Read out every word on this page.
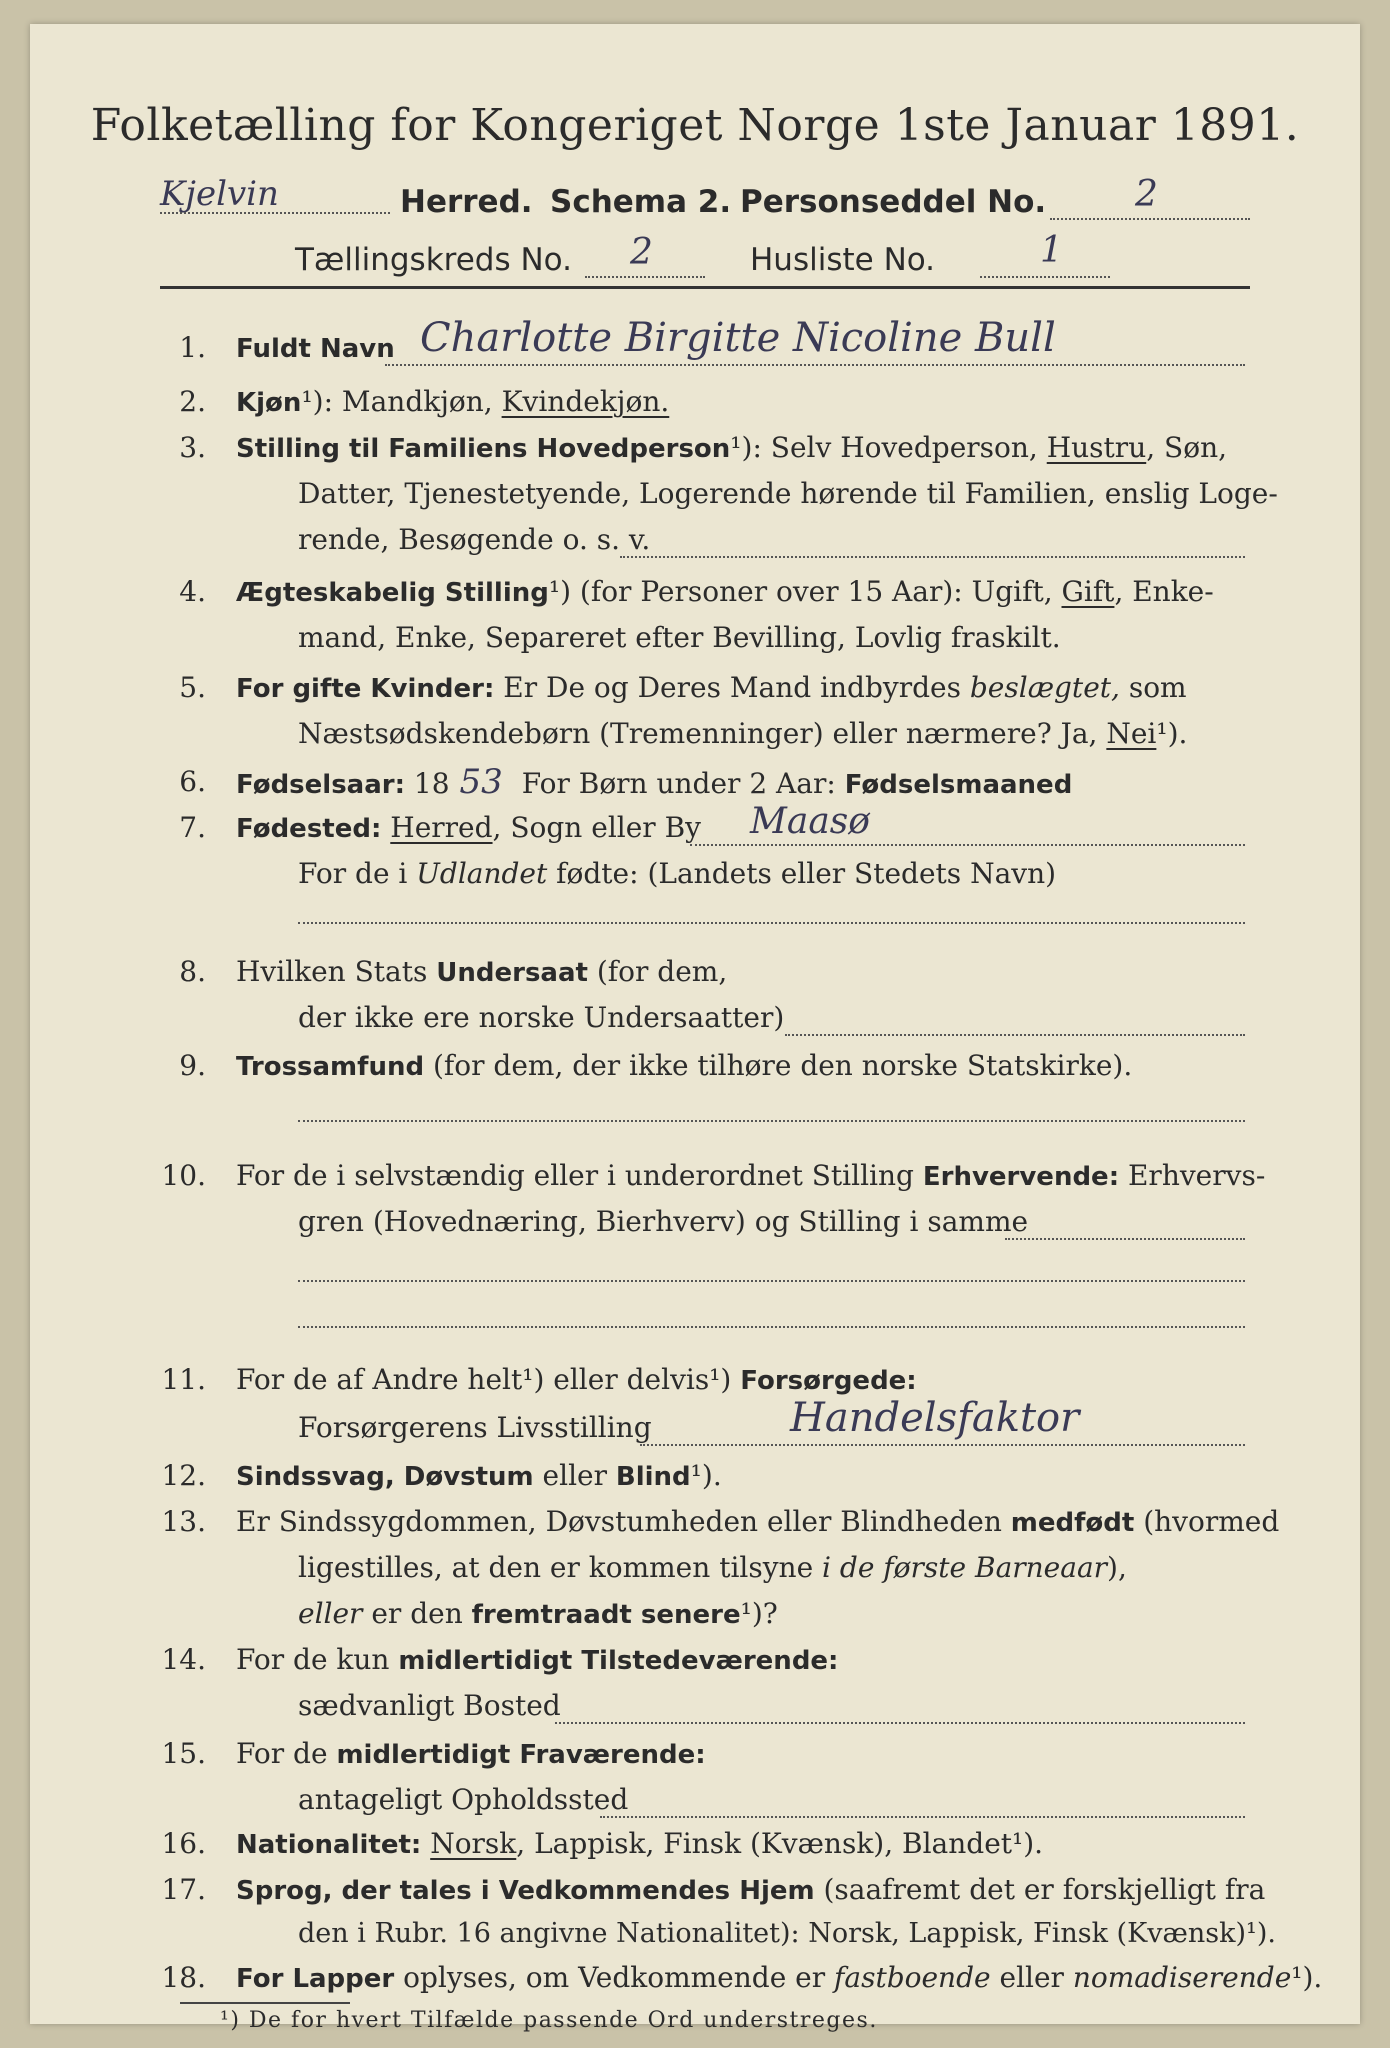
Folketælling for Kongeriget Norge 1ste Januar 1891.
Kjelvin	Herred. Schema 2. Personseddel No. 2
Tællingskreds No. 2	Husliste No.	1
1. Fuldt Navn Charlotte Birgitte Nicoline Bull
2. Kjøn¹): Mandkjøn, Kvindekjøn.
3. Stilling til Familiens Hovedperson¹): Selv Hovedperson, Hustru, Søn,
Datter, Tjenestetyende, Logerende hørende til Familien, enslig Loge-
rende, Besøgende o. s. v.
4. Ægteskabelig Stilling¹) (for Personer over 15 Aar): Ugift, Gift, Enke-
mand, Enke, Separeret efter Bevilling, Lovlig fraskilt.
5. For gifte Kvinder: Er De og Deres Mand indbyrdes beslægtet, som
Næstsødskendebørn (Tremenninger) eller nærmere? Ja, Nei¹).
6. Fødselsaar: 18 53 For Børn under 2 Aar: Fødselsmaaned
7. Fødested: Herred, Sogn eller By	Maasø
For de i Udlandet fødte: (Landets eller Stedets Navn)
8. Hvilken Stats Undersaat (for dem,
der ikke ere norske Undersaatter)
9. Trossamfund (for dem, der ikke tilhøre den norske Statskirke).
10. For de i selvstændig eller i underordnet Stilling Erhvervende: Erhvervs-
gren (Hovednæring, Bierhverv) og Stilling i samme
11. For de af Andre helt¹) eller delvis¹) Forsørgede:
Forsørgerens Livsstilling	Handelsfaktor
12. Sindssvag, Døvstum eller Blind¹).
13. Er Sindssygdommen, Døvstumheden eller Blindheden medfødt (hvormed
ligestilles, at den er kommen tilsyne i de første Barneaar),
eller er den fremtraadt senere¹)?
14. For de kun midlertidigt Tilstedeværende:
sædvanligt Bosted
15. For de midlertidigt Fraværende:
antageligt Opholdssted
16. Nationalitet: Norsk, Lappisk, Finsk (Kvænsk), Blandet¹).
17. Sprog, der tales i Vedkommendes Hjem (saafremt det er forskjelligt fra
den i Rubr. 16 angivne Nationalitet): Norsk, Lappisk, Finsk (Kvænsk)¹).
18. For Lapper oplyses, om Vedkommende er fastboende eller nomadiserende¹).
¹) De for hvert Tilfælde passende Ord understreges.
